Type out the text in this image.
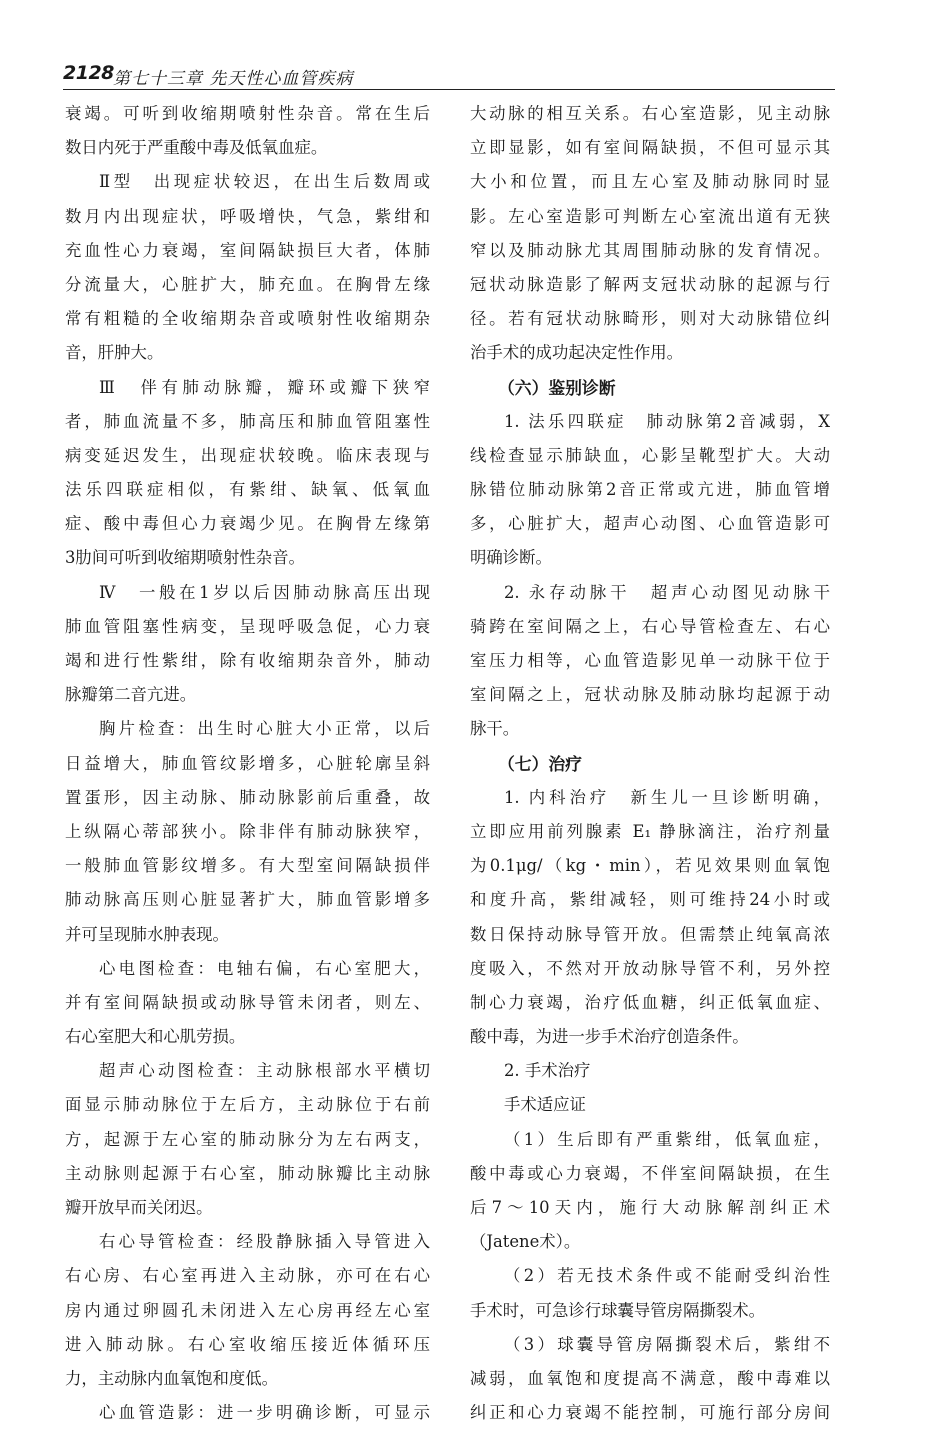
2128 第七十三章 先天性心血管疾病
衰竭。可听到收缩期喷射性杂音。常在生后
数日内死于严重酸中毒及低氧血症。
Ⅱ型　出现症状较迟，在出生后数周或
数月内出现症状，呼吸增快，气急，紫绀和
充血性心力衰竭，室间隔缺损巨大者，体肺
分流量大，心脏扩大，肺充血。在胸骨左缘
常有粗糙的全收缩期杂音或喷射性收缩期杂
音，肝肿大。
Ⅲ　伴有肺动脉瓣，瓣环或瓣下狭窄
者，肺血流量不多，肺高压和肺血管阻塞性
病变延迟发生，出现症状较晚。临床表现与
法乐四联症相似，有紫绀、缺氧、低氧血
症、酸中毒但心力衰竭少见。在胸骨左缘第
3肋间可听到收缩期喷射性杂音。
Ⅳ　一般在1岁以后因肺动脉高压出现
肺血管阻塞性病变，呈现呼吸急促，心力衰
竭和进行性紫绀，除有收缩期杂音外，肺动
脉瓣第二音亢进。
胸片检查：出生时心脏大小正常，以后
日益增大，肺血管纹影增多，心脏轮廓呈斜
置蛋形，因主动脉、肺动脉影前后重叠，故
上纵隔心蒂部狭小。除非伴有肺动脉狭窄，
一般肺血管影纹增多。有大型室间隔缺损伴
肺动脉高压则心脏显著扩大，肺血管影增多
并可呈现肺水肿表现。
心电图检查：电轴右偏，右心室肥大，
并有室间隔缺损或动脉导管未闭者，则左、
右心室肥大和心肌劳损。
超声心动图检查：主动脉根部水平横切
面显示肺动脉位于左后方，主动脉位于右前
方，起源于左心室的肺动脉分为左右两支，
主动脉则起源于右心室，肺动脉瓣比主动脉
瓣开放早而关闭迟。
右心导管检查：经股静脉插入导管进入
右心房、右心室再进入主动脉，亦可在右心
房内通过卵圆孔未闭进入左心房再经左心室
进入肺动脉。右心室收缩压接近体循环压
力，主动脉内血氧饱和度低。
心血管造影：进一步明确诊断，可显示
大动脉的相互关系。右心室造影，见主动脉
立即显影，如有室间隔缺损，不但可显示其
大小和位置，而且左心室及肺动脉同时显
影。左心室造影可判断左心室流出道有无狭
窄以及肺动脉尤其周围肺动脉的发育情况。
冠状动脉造影了解两支冠状动脉的起源与行
径。若有冠状动脉畸形，则对大动脉错位纠
治手术的成功起决定性作用。
（六）鉴别诊断
1. 法乐四联症　肺动脉第2音减弱，X
线检查显示肺缺血，心影呈靴型扩大。大动
脉错位肺动脉第2音正常或亢进，肺血管增
多，心脏扩大，超声心动图、心血管造影可
明确诊断。
2. 永存动脉干　超声心动图见动脉干
骑跨在室间隔之上，右心导管检查左、右心
室压力相等，心血管造影见单一动脉干位于
室间隔之上，冠状动脉及肺动脉均起源于动
脉干。
（七）治疗
1. 内科治疗　新生儿一旦诊断明确，
立即应用前列腺素 E₁ 静脉滴注，治疗剂量
为0.1μg/（kg・min），若见效果则血氧饱
和度升高，紫绀减轻，则可维持24小时或
数日保持动脉导管开放。但需禁止纯氧高浓
度吸入，不然对开放动脉导管不利，另外控
制心力衰竭，治疗低血糖，纠正低氧血症、
酸中毒，为进一步手术治疗创造条件。
2. 手术治疗
手术适应证
（1）生后即有严重紫绀，低氧血症，
酸中毒或心力衰竭，不伴室间隔缺损，在生
后7～10天内，施行大动脉解剖纠正术
（Jatene术）。
（2）若无技术条件或不能耐受纠治性
手术时，可急诊行球囊导管房隔撕裂术。
（3）球囊导管房隔撕裂术后，紫绀不
减弱，血氧饱和度提高不满意，酸中毒难以
纠正和心力衰竭不能控制，可施行部分房间
